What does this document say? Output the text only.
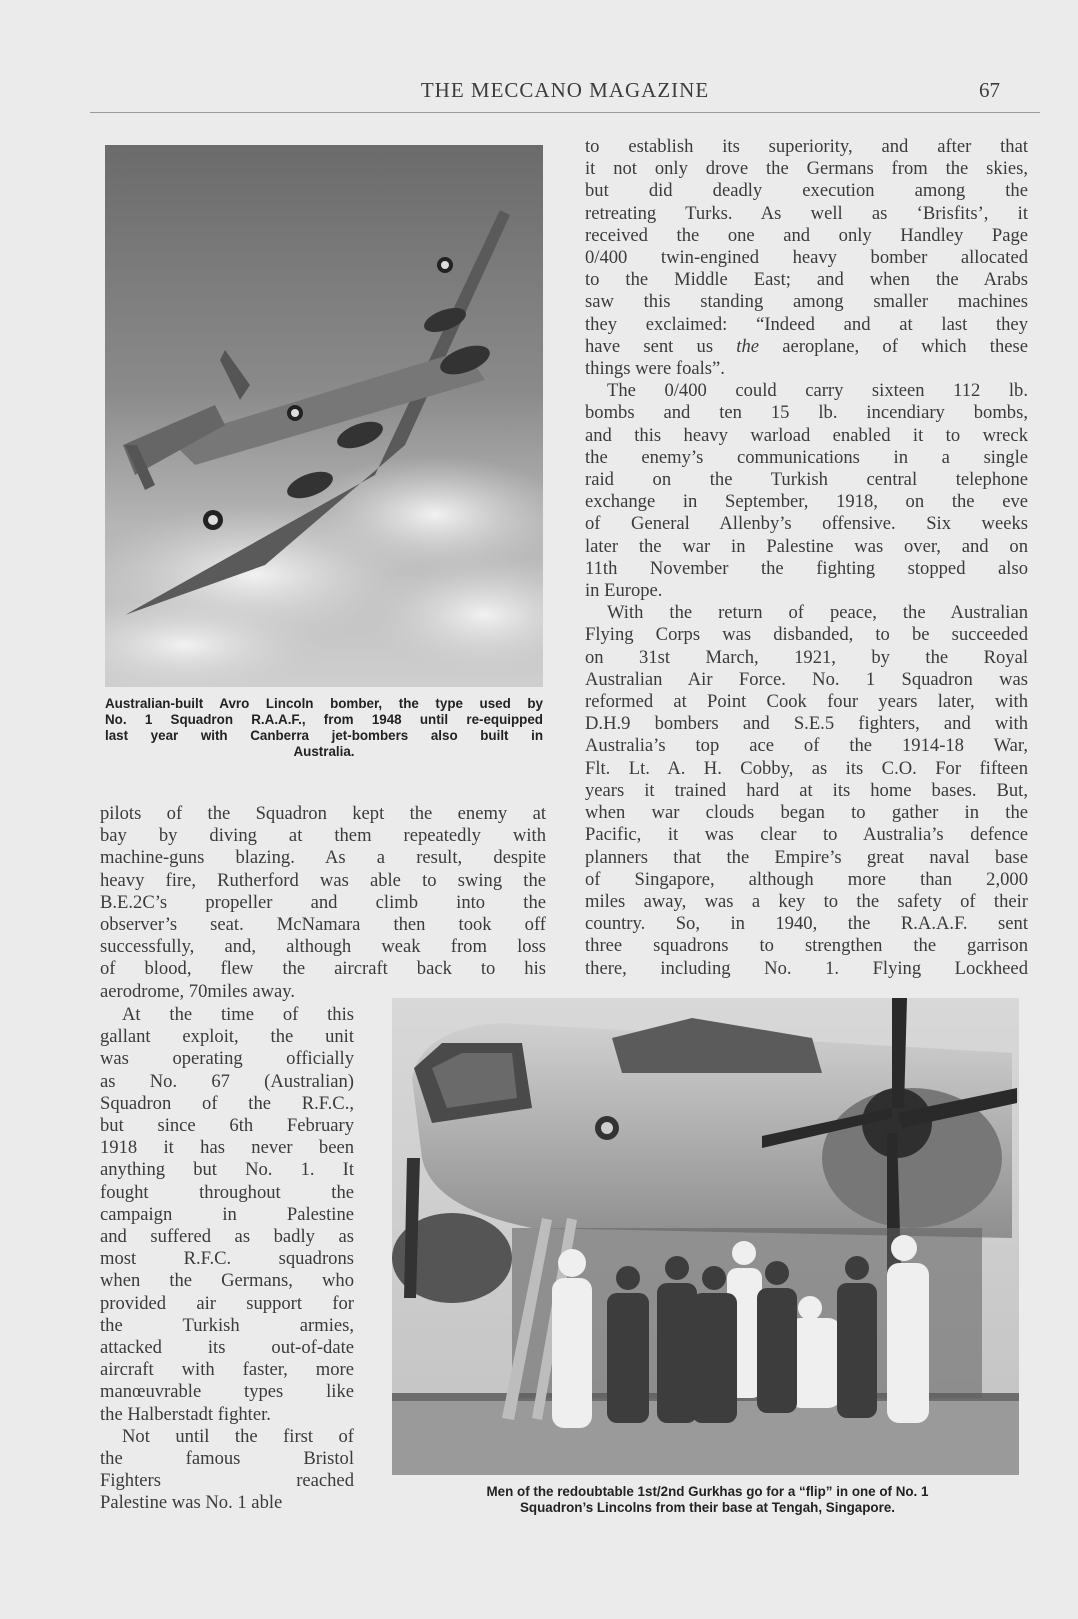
THE MECCANO MAGAZINE	67
Australian-built Avro Lincoln bomber, the type used by
No. 1 Squadron R.A.A.F., from 1948 until re-equipped
last year with Canberra jet-bombers also built in
Australia.

pilots of the Squadron kept the enemy at

bay by diving at them repeatedly with

machine-guns blazing. As a result, despite

heavy fire, Rutherford was able to swing the

B.E.2C’s propeller and climb into the

observer’s seat. McNamara then took off

successfully, and, although weak from loss

of blood, flew the aircraft back to his

aerodrome, 70miles away.

At the time of this

gallant exploit, the unit

was operating officially

as No. 67 (Australian)

Squadron of the R.F.C.,

but since 6th February

1918 it has never been

anything but No. 1. It

fought throughout the

campaign in Palestine

and suffered as badly as

most R.F.C. squadrons

when the Germans, who

provided air support for

the Turkish armies,

attacked its out-of-date

aircraft with faster, more

manœuvrable types like

the Halberstadt fighter.

Not until the first of

the famous Bristol

Fighters reached

Palestine was No. 1 able

to establish its superiority, and after that

it not only drove the Germans from the skies,

but did deadly execution among the

retreating Turks. As well as ‘Brisfits’, it

received the one and only Handley Page

0/400 twin-engined heavy bomber allocated

to the Middle East; and when the Arabs

saw this standing among smaller machines

they exclaimed: “Indeed and at last they

have sent us the aeroplane, of which these

things were foals”.

The 0/400 could carry sixteen 112 lb.

bombs and ten 15 lb. incendiary bombs,

and this heavy warload enabled it to wreck

the enemy’s communications in a single

raid on the Turkish central telephone

exchange in September, 1918, on the eve

of General Allenby’s offensive. Six weeks

later the war in Palestine was over, and on

11th November the fighting stopped also

in Europe.

With the return of peace, the Australian

Flying Corps was disbanded, to be succeeded

on 31st March, 1921, by the Royal

Australian Air Force. No. 1 Squadron was

reformed at Point Cook four years later, with

D.H.9 bombers and S.E.5 fighters, and with

Australia’s top ace of the 1914-18 War,

Flt. Lt. A. H. Cobby, as its C.O. For fifteen

years it trained hard at its home bases. But,

when war clouds began to gather in the

Pacific, it was clear to Australia’s defence

planners that the Empire’s great naval base

of Singapore, although more than 2,000

miles away, was a key to the safety of their

country. So, in 1940, the R.A.A.F. sent

three squadrons to strengthen the garrison

there, including No. 1. Flying Lockheed

Men of the redoubtable 1st/2nd Gurkhas go for a “flip” in one of No. 1
Squadron’s Lincolns from their base at Tengah, Singapore.
